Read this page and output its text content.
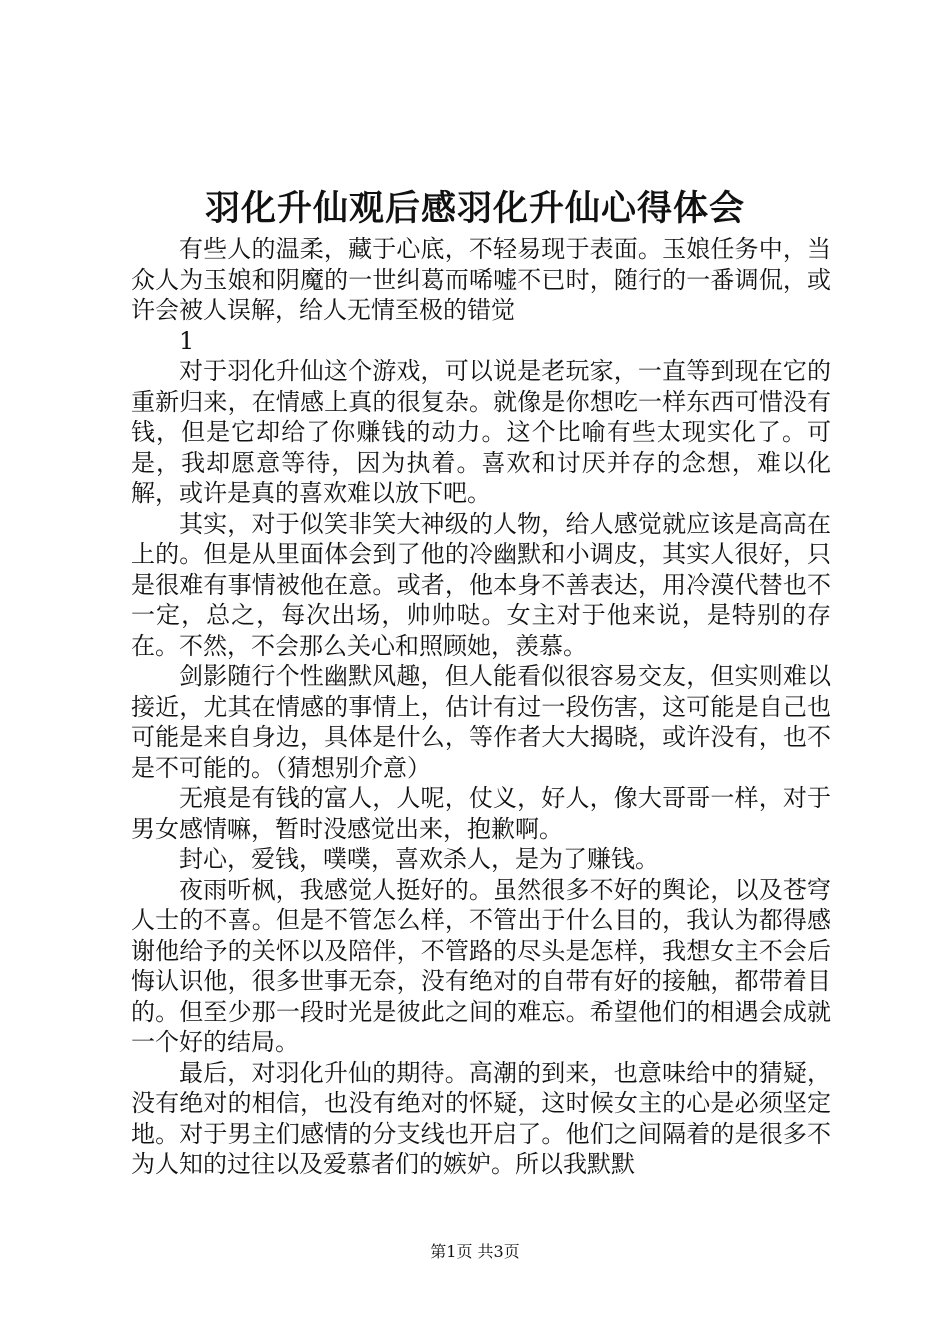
羽化升仙观后感羽化升仙心得体会

有些人的温柔，藏于心底，不轻易现于表面。玉娘任务中，当众人为玉娘和阴魔的一世纠葛而唏嘘不已时，随行的一番调侃，或许会被人误解，给人无情至极的错觉

1

对于羽化升仙这个游戏，可以说是老玩家，一直等到现在它的重新归来，在情感上真的很复杂。就像是你想吃一样东西可惜没有钱，但是它却给了你赚钱的动力。这个比喻有些太现实化了。可是，我却愿意等待，因为执着。喜欢和讨厌并存的念想，难以化解，或许是真的喜欢难以放下吧。

其实，对于似笑非笑大神级的人物，给人感觉就应该是高高在上的。但是从里面体会到了他的冷幽默和小调皮，其实人很好，只是很难有事情被他在意。或者，他本身不善表达，用冷漠代替也不一定，总之，每次出场，帅帅哒。女主对于他来说，是特别的存在。不然，不会那么关心和照顾她，羡慕。

剑影随行个性幽默风趣，但人能看似很容易交友，但实则难以接近，尤其在情感的事情上，估计有过一段伤害，这可能是自己也可能是来自身边，具体是什么，等作者大大揭晓，或许没有，也不是不可能的。（猜想别介意）

无痕是有钱的富人，人呢，仗义，好人，像大哥哥一样，对于男女感情嘛，暂时没感觉出来，抱歉啊。

封心，爱钱，噗噗，喜欢杀人，是为了赚钱。

夜雨听枫，我感觉人挺好的。虽然很多不好的舆论，以及苍穹人士的不喜。但是不管怎么样，不管出于什么目的，我认为都得感谢他给予的关怀以及陪伴，不管路的尽头是怎样，我想女主不会后悔认识他，很多世事无奈，没有绝对的自带有好的接触，都带着目的。但至少那一段时光是彼此之间的难忘。希望他们的相遇会成就一个好的结局。

最后，对羽化升仙的期待。高潮的到来，也意味给中的猜疑，没有绝对的相信，也没有绝对的怀疑，这时候女主的心是必须坚定地。对于男主们感情的分支线也开启了。他们之间隔着的是很多不为人知的过往以及爱慕者们的嫉妒。所以我默默

第1页 共3页
